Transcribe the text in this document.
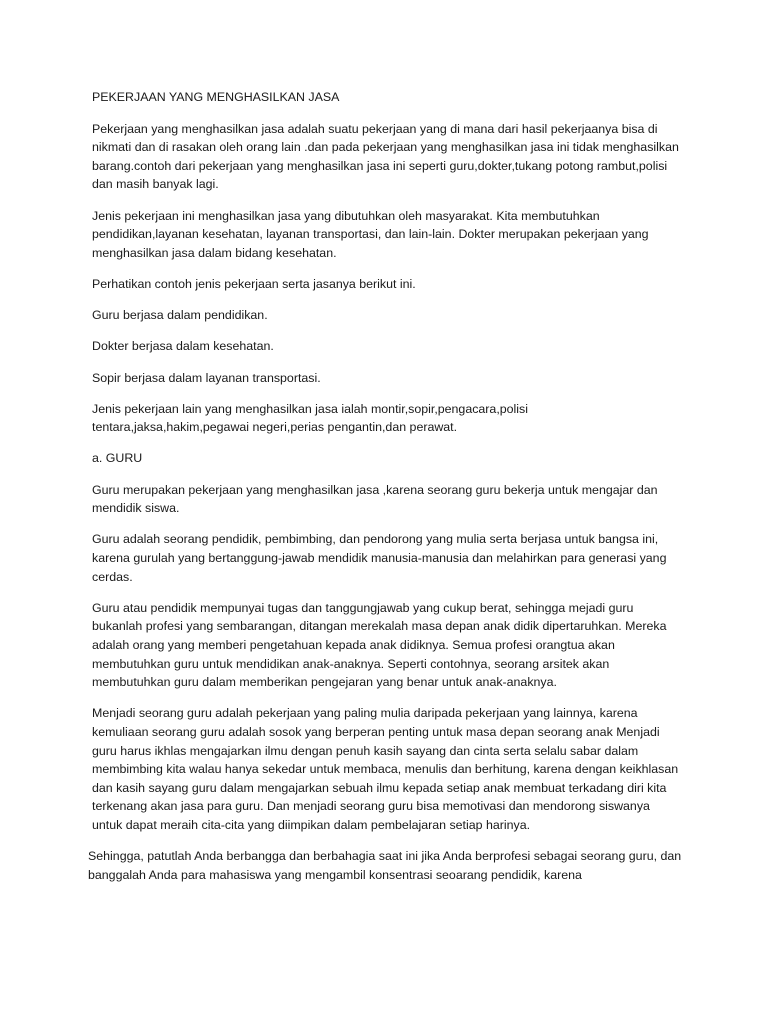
PEKERJAAN YANG MENGHASILKAN JASA

Pekerjaan yang menghasilkan jasa adalah suatu pekerjaan yang di mana dari hasil pekerjaanya bisa di nikmati dan di rasakan oleh orang lain .dan pada pekerjaan yang menghasilkan jasa ini tidak menghasilkan barang.contoh dari pekerjaan yang menghasilkan jasa ini seperti guru,dokter,tukang potong rambut,polisi dan masih banyak lagi.

Jenis pekerjaan ini menghasilkan jasa yang dibutuhkan oleh masyarakat. Kita membutuhkan pendidikan,layanan kesehatan, layanan transportasi, dan lain-lain. Dokter merupakan pekerjaan yang menghasilkan jasa dalam bidang kesehatan.

Perhatikan contoh jenis pekerjaan serta jasanya berikut ini.

Guru berjasa dalam pendidikan.

Dokter berjasa dalam kesehatan.

Sopir berjasa dalam layanan transportasi.

Jenis pekerjaan lain yang menghasilkan jasa ialah montir,sopir,pengacara,polisi tentara,jaksa,hakim,pegawai negeri,perias pengantin,dan perawat.

a. GURU

Guru merupakan pekerjaan yang menghasilkan jasa ,karena seorang guru bekerja untuk mengajar dan mendidik siswa.

Guru adalah seorang pendidik, pembimbing, dan pendorong yang mulia serta berjasa untuk bangsa ini, karena gurulah yang bertanggung-jawab mendidik manusia-manusia dan melahirkan para generasi yang cerdas.

Guru atau pendidik mempunyai tugas dan tanggungjawab yang cukup berat, sehingga mejadi guru bukanlah profesi yang sembarangan, ditangan merekalah masa depan anak didik dipertaruhkan. Mereka adalah orang yang memberi pengetahuan kepada anak didiknya. Semua profesi orangtua akan membutuhkan guru untuk mendidikan anak-anaknya. Seperti contohnya, seorang arsitek akan membutuhkan guru dalam memberikan pengejaran yang benar untuk anak-anaknya.

Menjadi seorang guru adalah pekerjaan yang paling mulia daripada pekerjaan yang lainnya, karena kemuliaan seorang guru adalah sosok yang berperan penting untuk masa depan seorang anak Menjadi guru harus ikhlas mengajarkan ilmu dengan penuh kasih sayang dan cinta serta selalu sabar dalam membimbing kita walau hanya sekedar untuk membaca, menulis dan berhitung, karena dengan keikhlasan dan kasih sayang guru dalam mengajarkan sebuah ilmu kepada setiap anak membuat terkadang diri kita terkenang akan jasa para guru. Dan menjadi seorang guru bisa memotivasi dan mendorong siswanya untuk dapat meraih cita-cita yang diimpikan dalam pembelajaran setiap harinya.

Sehingga, patutlah Anda berbangga dan berbahagia saat ini jika Anda berprofesi sebagai seorang guru, dan banggalah Anda para mahasiswa yang mengambil konsentrasi seoarang pendidik, karena
